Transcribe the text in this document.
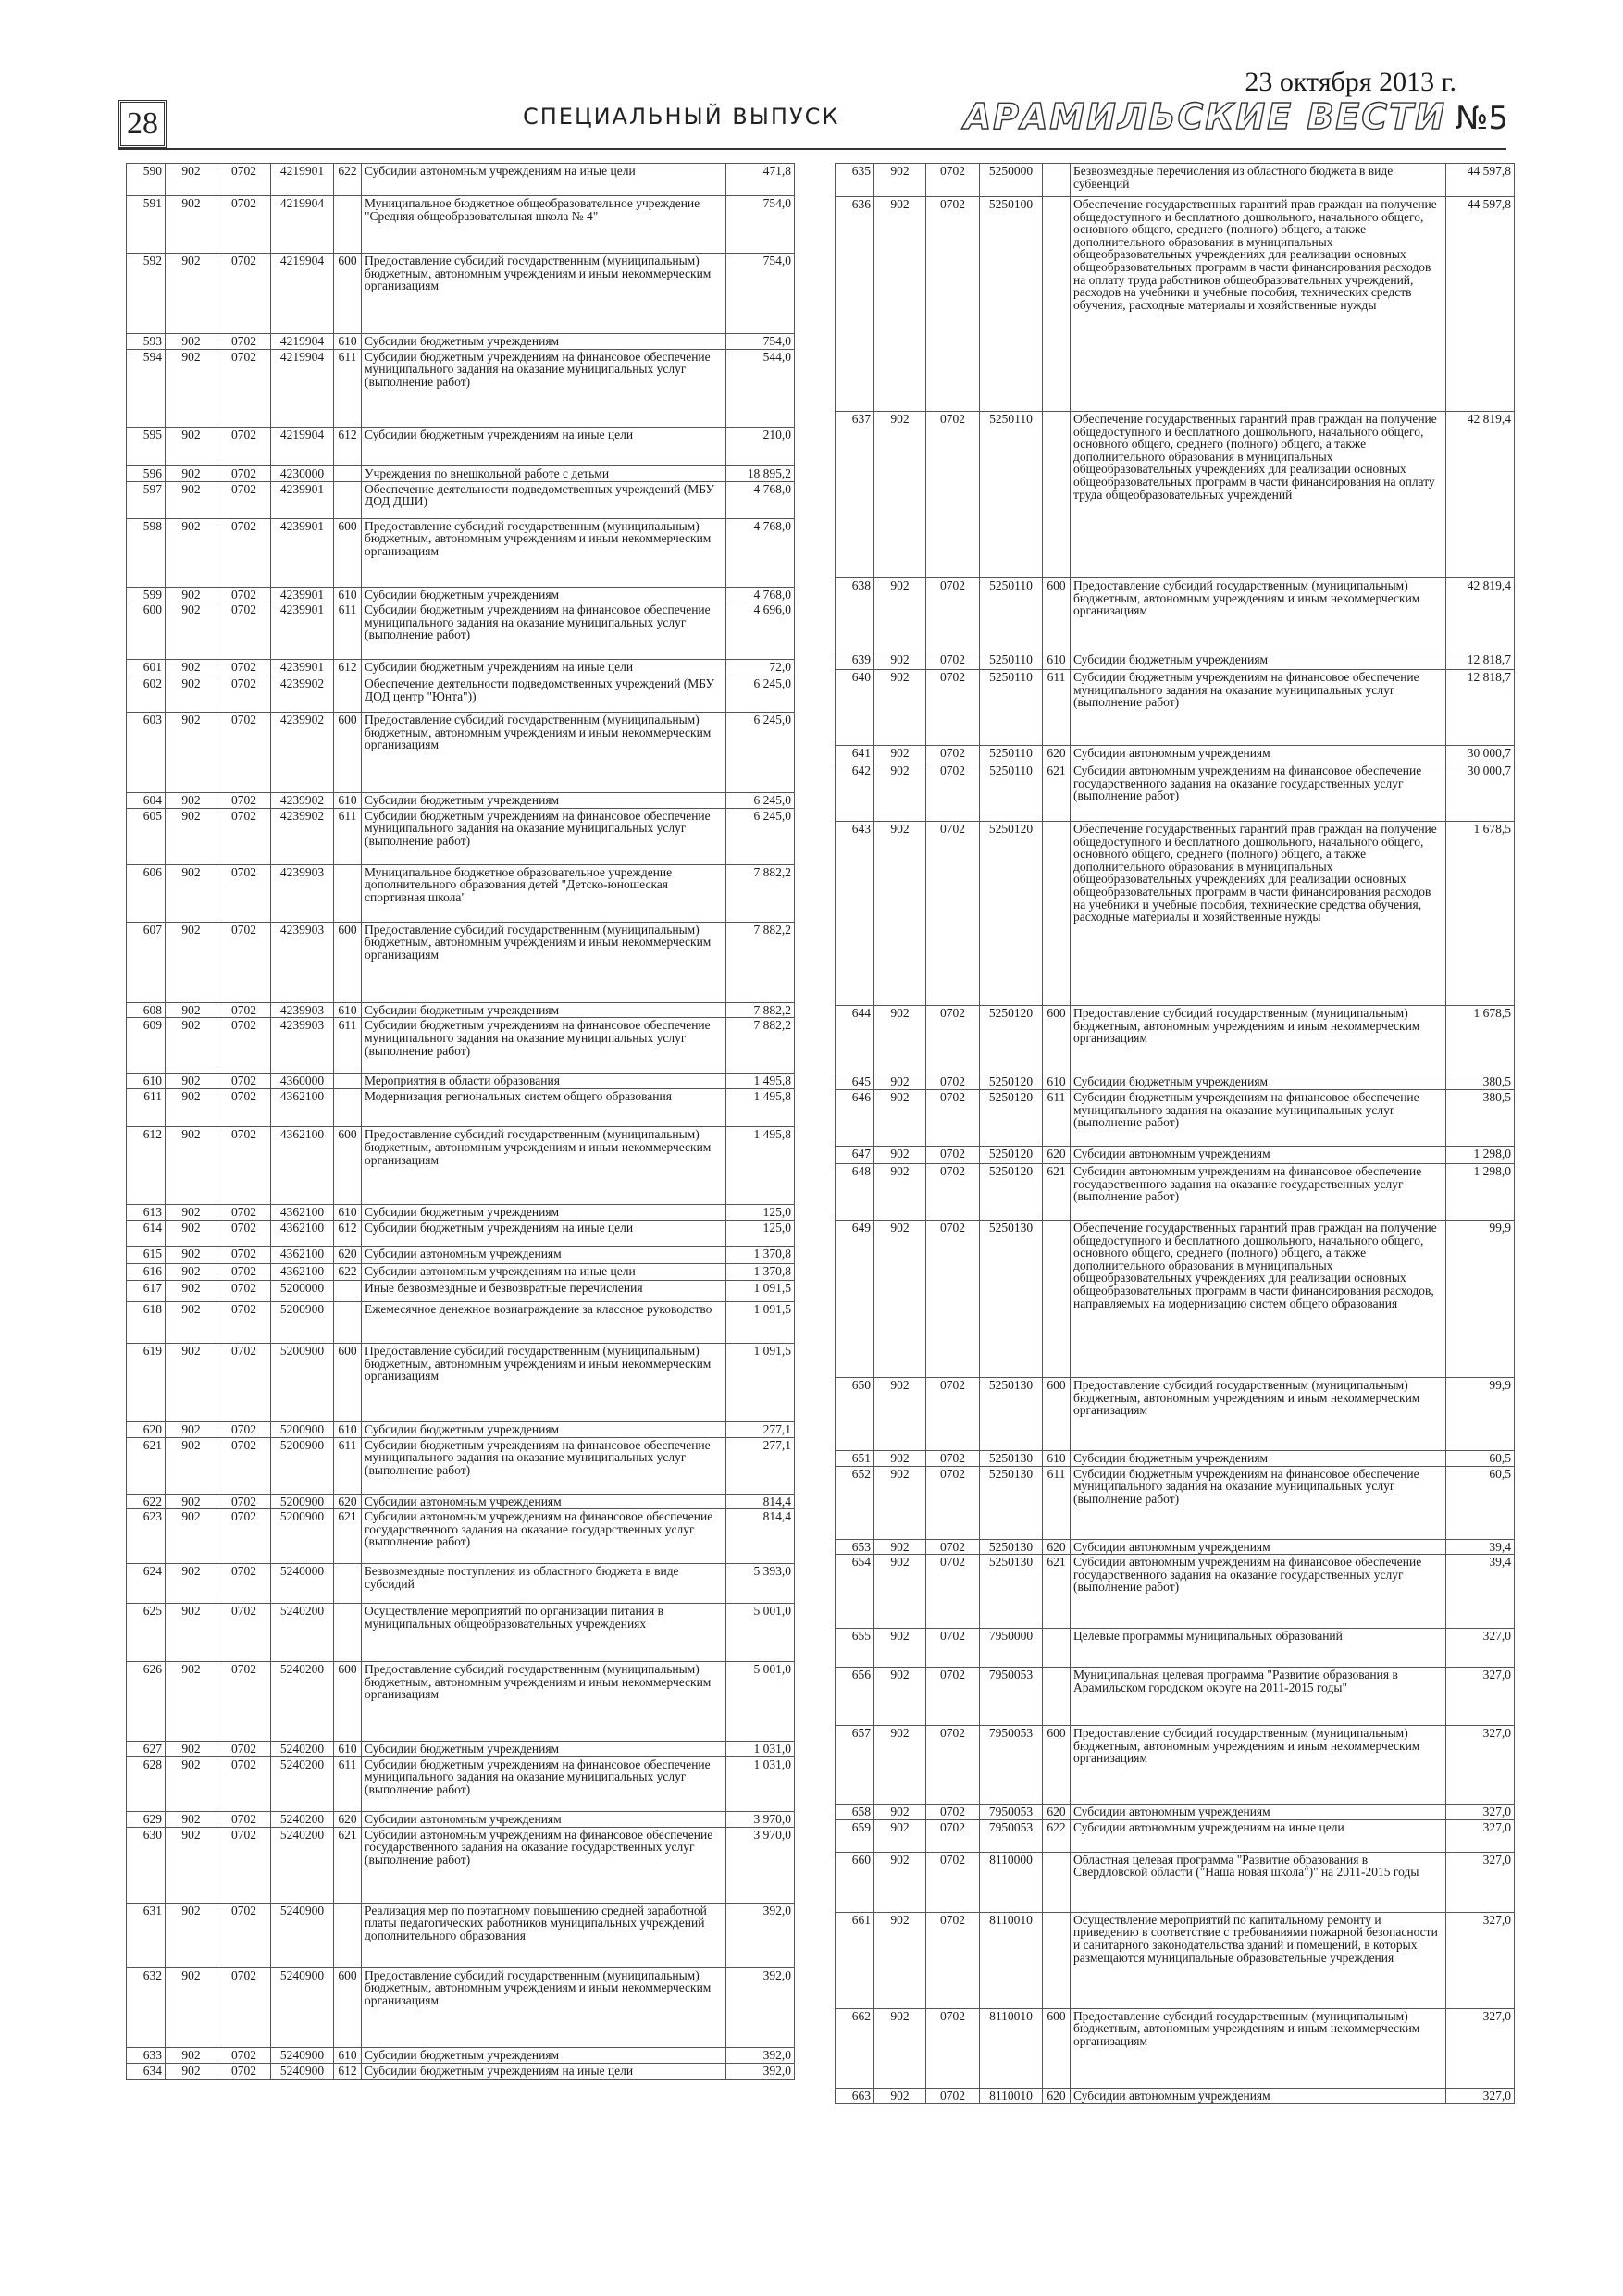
28	СПЕЦИАЛЬНЫЙ ВЫПУСК
23 октября 2013 г.
АРАМИЛЬСКИЕ ВЕСТИ №5
590	902	0702	4219901	622	Субсидии автономным учреждениям на иные цели	471,8
591	902	0702	4219904		Муниципальное бюджетное общеобразовательное учреждение "Средняя общеобразовательная школа № 4"	754,0
592	902	0702	4219904	600	Предоставление субсидий государственным (муниципальным) бюджетным, автономным учреждениям и иным некоммерческим организациям	754,0
593	902	0702	4219904	610	Субсидии бюджетным учреждениям	754,0
594	902	0702	4219904	611	Субсидии бюджетным учреждениям на финансовое обеспечение муниципального задания на оказание муниципальных услуг (выполнение работ)	544,0
595	902	0702	4219904	612	Субсидии бюджетным учреждениям на иные цели	210,0
596	902	0702	4230000		Учреждения по внешкольной работе с детьми	18 895,2
597	902	0702	4239901		Обеспечение деятельности подведомственных учреждений (МБУ ДОД ДШИ)	4 768,0
598	902	0702	4239901	600	Предоставление субсидий государственным (муниципальным) бюджетным, автономным учреждениям и иным некоммерческим организациям	4 768,0
599	902	0702	4239901	610	Субсидии бюджетным учреждениям	4 768,0
600	902	0702	4239901	611	Субсидии бюджетным учреждениям на финансовое обеспечение муниципального задания на оказание муниципальных услуг (выполнение работ)	4 696,0
601	902	0702	4239901	612	Субсидии бюджетным учреждениям на иные цели	72,0
602	902	0702	4239902		Обеспечение деятельности подведомственных учреждений (МБУ ДОД центр "Юнта"))	6 245,0
603	902	0702	4239902	600	Предоставление субсидий государственным (муниципальным) бюджетным, автономным учреждениям и иным некоммерческим организациям	6 245,0
604	902	0702	4239902	610	Субсидии бюджетным учреждениям	6 245,0
605	902	0702	4239902	611	Субсидии бюджетным учреждениям на финансовое обеспечение муниципального задания на оказание муниципальных услуг (выполнение работ)	6 245,0
606	902	0702	4239903		Муниципальное бюджетное образовательное учреждение дополнительного образования детей "Детско-юношеская спортивная школа"	7 882,2
607	902	0702	4239903	600	Предоставление субсидий государственным (муниципальным) бюджетным, автономным учреждениям и иным некоммерческим организациям	7 882,2
608	902	0702	4239903	610	Субсидии бюджетным учреждениям	7 882,2
609	902	0702	4239903	611	Субсидии бюджетным учреждениям на финансовое обеспечение муниципального задания на оказание муниципальных услуг (выполнение работ)	7 882,2
610	902	0702	4360000		Мероприятия в области образования	1 495,8
611	902	0702	4362100		Модернизация региональных систем общего образования	1 495,8
612	902	0702	4362100	600	Предоставление субсидий государственным (муниципальным) бюджетным, автономным учреждениям и иным некоммерческим организациям	1 495,8
613	902	0702	4362100	610	Субсидии бюджетным учреждениям	125,0
614	902	0702	4362100	612	Субсидии бюджетным учреждениям на иные цели	125,0
615	902	0702	4362100	620	Субсидии автономным учреждениям	1 370,8
616	902	0702	4362100	622	Субсидии автономным учреждениям на иные цели	1 370,8
617	902	0702	5200000		Иные безвозмездные и безвозвратные перечисления	1 091,5
618	902	0702	5200900		Ежемесячное денежное вознаграждение за классное руководство	1 091,5
619	902	0702	5200900	600	Предоставление субсидий государственным (муниципальным) бюджетным, автономным учреждениям и иным некоммерческим организациям	1 091,5
620	902	0702	5200900	610	Субсидии бюджетным учреждениям	277,1
621	902	0702	5200900	611	Субсидии бюджетным учреждениям на финансовое обеспечение муниципального задания на оказание муниципальных услуг (выполнение работ)	277,1
622	902	0702	5200900	620	Субсидии автономным учреждениям	814,4
623	902	0702	5200900	621	Субсидии автономным учреждениям на финансовое обеспечение государственного задания на оказание государственных услуг (выполнение работ)	814,4
624	902	0702	5240000		Безвозмездные поступления из областного бюджета в виде субсидий	5 393,0
625	902	0702	5240200		Осуществление мероприятий по организации питания в муниципальных общеобразовательных учреждениях	5 001,0
626	902	0702	5240200	600	Предоставление субсидий государственным (муниципальным) бюджетным, автономным учреждениям и иным некоммерческим организациям	5 001,0
627	902	0702	5240200	610	Субсидии бюджетным учреждениям	1 031,0
628	902	0702	5240200	611	Субсидии бюджетным учреждениям на финансовое обеспечение муниципального задания на оказание муниципальных услуг (выполнение работ)	1 031,0
629	902	0702	5240200	620	Субсидии автономным учреждениям	3 970,0
630	902	0702	5240200	621	Субсидии автономным учреждениям на финансовое обеспечение государственного задания на оказание государственных услуг (выполнение работ)	3 970,0
631	902	0702	5240900		Реализация мер по поэтапному повышению средней заработной платы педагогических работников муниципальных учреждений дополнительного образования	392,0
632	902	0702	5240900	600	Предоставление субсидий государственным (муниципальным) бюджетным, автономным учреждениям и иным некоммерческим организациям	392,0
633	902	0702	5240900	610	Субсидии бюджетным учреждениям	392,0
634	902	0702	5240900	612	Субсидии бюджетным учреждениям на иные цели	392,0
635	902	0702	5250000		Безвозмездные перечисления из областного бюджета в виде субвенций	44 597,8
636	902	0702	5250100		Обеспечение государственных гарантий прав граждан на получение общедоступного и бесплатного дошкольного, начального общего, основного общего, среднего (полного) общего, а также дополнительного образования в муниципальных общеобразовательных учреждениях для реализации основных общеобразовательных программ в части финансирования расходов на оплату труда работников общеобразовательных учреждений, расходов на учебники и учебные пособия, технических средств обучения, расходные материалы и хозяйственные нужды	44 597,8
637	902	0702	5250110		Обеспечение государственных гарантий прав граждан на получение общедоступного и бесплатного дошкольного, начального общего, основного общего, среднего (полного) общего, а также дополнительного образования в муниципальных общеобразовательных учреждениях для реализации основных общеобразовательных программ в части финансирования на оплату труда общеобразовательных учреждений	42 819,4
638	902	0702	5250110	600	Предоставление субсидий государственным (муниципальным) бюджетным, автономным учреждениям и иным некоммерческим организациям	42 819,4
639	902	0702	5250110	610	Субсидии бюджетным учреждениям	12 818,7
640	902	0702	5250110	611	Субсидии бюджетным учреждениям на финансовое обеспечение муниципального задания на оказание муниципальных услуг (выполнение работ)	12 818,7
641	902	0702	5250110	620	Субсидии автономным учреждениям	30 000,7
642	902	0702	5250110	621	Субсидии автономным учреждениям на финансовое обеспечение государственного задания на оказание государственных услуг (выполнение работ)	30 000,7
643	902	0702	5250120		Обеспечение государственных гарантий прав граждан на получение общедоступного и бесплатного дошкольного, начального общего, основного общего, среднего (полного) общего, а также дополнительного образования в муниципальных общеобразовательных учреждениях для реализации основных общеобразовательных программ в части финансирования расходов на учебники и учебные пособия, технические средства обучения, расходные материалы и хозяйственные нужды	1 678,5
644	902	0702	5250120	600	Предоставление субсидий государственным (муниципальным) бюджетным, автономным учреждениям и иным некоммерческим организациям	1 678,5
645	902	0702	5250120	610	Субсидии бюджетным учреждениям	380,5
646	902	0702	5250120	611	Субсидии бюджетным учреждениям на финансовое обеспечение муниципального задания на оказание муниципальных услуг (выполнение работ)	380,5
647	902	0702	5250120	620	Субсидии автономным учреждениям	1 298,0
648	902	0702	5250120	621	Субсидии автономным учреждениям на финансовое обеспечение государственного задания на оказание государственных услуг (выполнение работ)	1 298,0
649	902	0702	5250130		Обеспечение государственных гарантий прав граждан на получение общедоступного и бесплатного дошкольного, начального общего, основного общего, среднего (полного) общего, а также дополнительного образования в муниципальных общеобразовательных учреждениях для реализации основных общеобразовательных программ в части финансирования расходов, направляемых на модернизацию систем общего образования	99,9
650	902	0702	5250130	600	Предоставление субсидий государственным (муниципальным) бюджетным, автономным учреждениям и иным некоммерческим организациям	99,9
651	902	0702	5250130	610	Субсидии бюджетным учреждениям	60,5
652	902	0702	5250130	611	Субсидии бюджетным учреждениям на финансовое обеспечение муниципального задания на оказание муниципальных услуг (выполнение работ)	60,5
653	902	0702	5250130	620	Субсидии автономным учреждениям	39,4
654	902	0702	5250130	621	Субсидии автономным учреждениям на финансовое обеспечение государственного задания на оказание государственных услуг (выполнение работ)	39,4
655	902	0702	7950000		Целевые программы муниципальных образований	327,0
656	902	0702	7950053		Муниципальная целевая программа "Развитие образования в Арамильском городском округе на 2011-2015 годы"	327,0
657	902	0702	7950053	600	Предоставление субсидий государственным (муниципальным) бюджетным, автономным учреждениям и иным некоммерческим организациям	327,0
658	902	0702	7950053	620	Субсидии автономным учреждениям	327,0
659	902	0702	7950053	622	Субсидии автономным учреждениям на иные цели	327,0
660	902	0702	8110000		Областная целевая программа "Развитие образования в Свердловской области ("Наша новая школа")" на 2011-2015 годы	327,0
661	902	0702	8110010		Осуществление мероприятий по капитальному ремонту и приведению в соответствие с требованиями пожарной безопасности и санитарного законодательства зданий и помещений, в которых размещаются муниципальные образовательные учреждения	327,0
662	902	0702	8110010	600	Предоставление субсидий государственным (муниципальным) бюджетным, автономным учреждениям и иным некоммерческим организациям	327,0
663	902	0702	8110010	620	Субсидии автономным учреждениям	327,0
